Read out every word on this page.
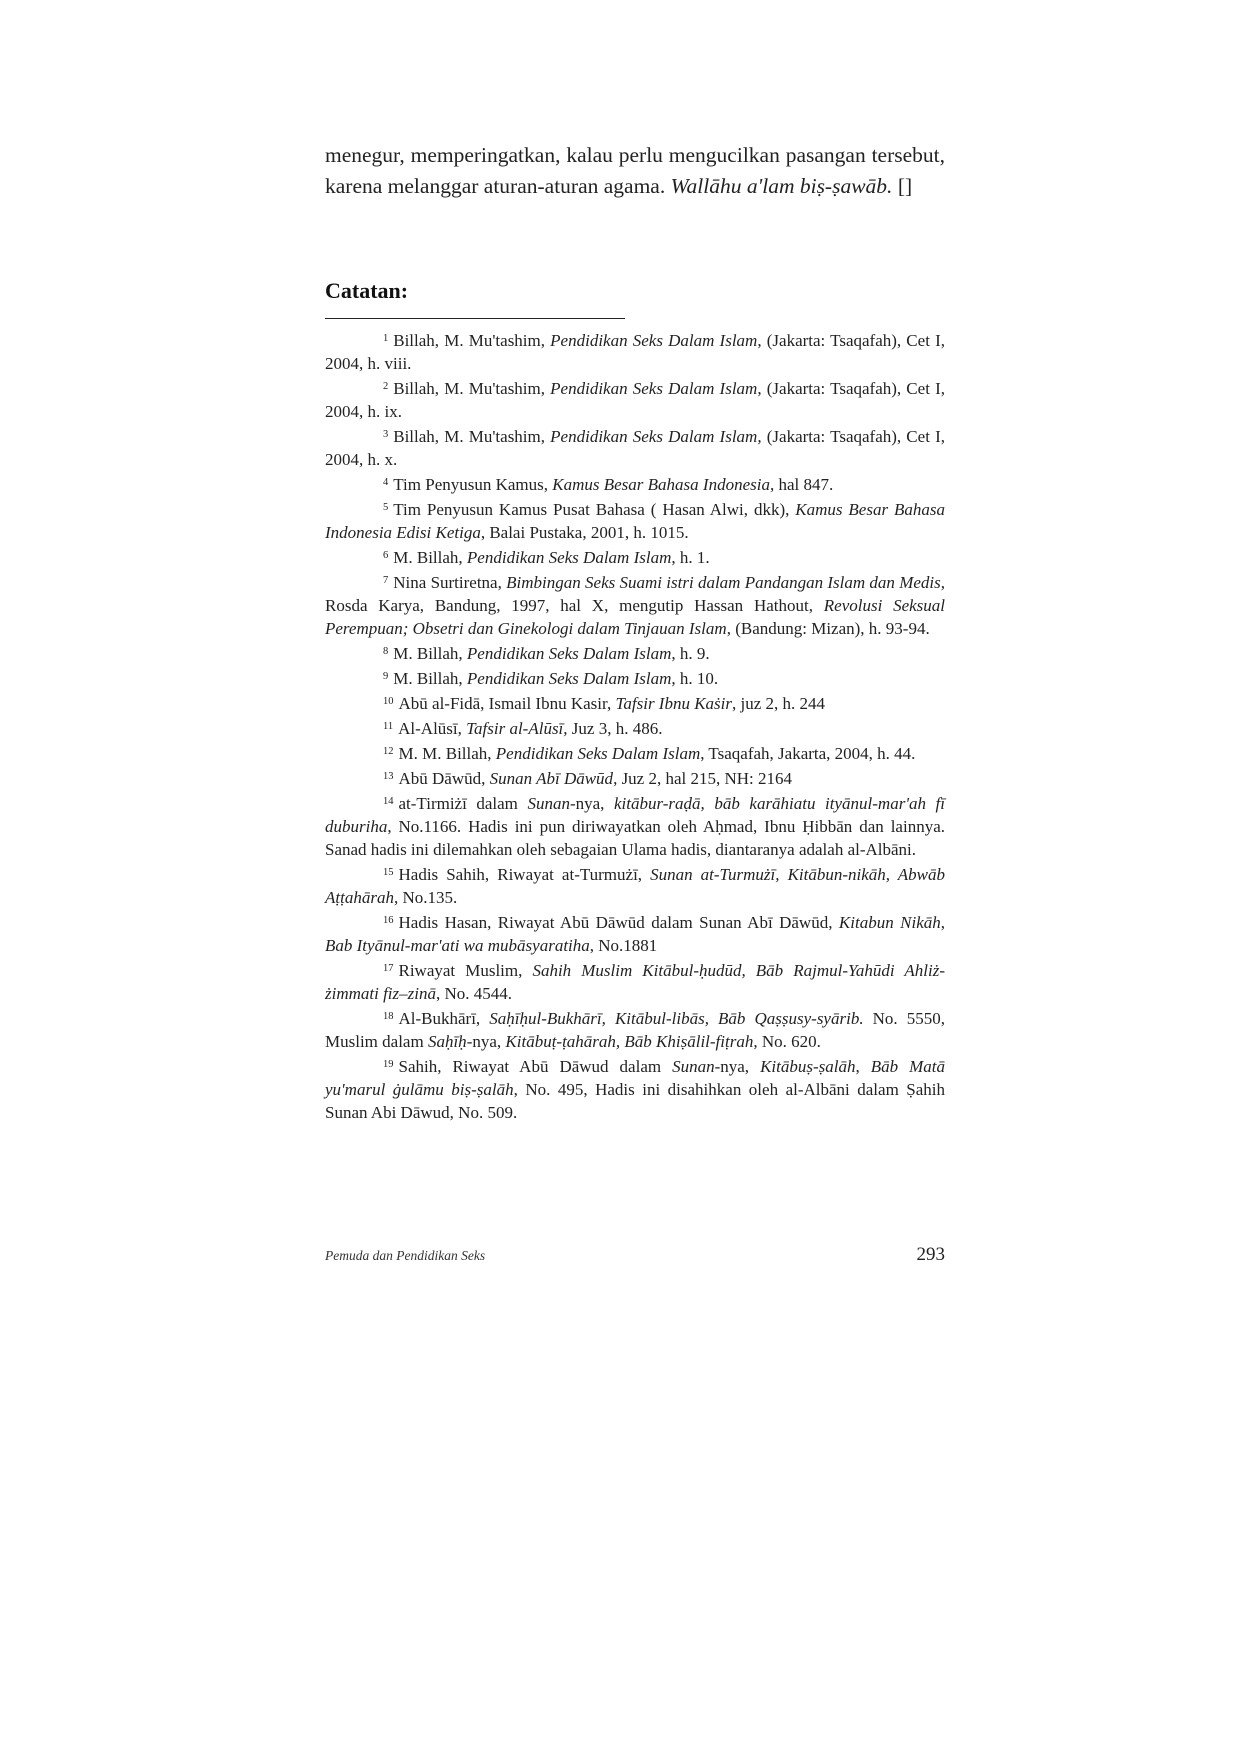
menegur, memperingatkan, kalau perlu mengucilkan pasangan tersebut, karena melanggar aturan-aturan agama. Wallāhu a'lam biṣ-ṣawāb. []

Catatan:

$^1$ Billah, M. Mu'tashim, Pendidikan Seks Dalam Islam, (Jakarta: Tsaqafah), Cet I, 2004, h. viii.

$^2$ Billah, M. Mu'tashim, Pendidikan Seks Dalam Islam, (Jakarta: Tsaqafah), Cet I, 2004, h. ix.

$^3$ Billah, M. Mu'tashim, Pendidikan Seks Dalam Islam, (Jakarta: Tsaqafah), Cet I, 2004, h. x.

$^4$ Tim Penyusun Kamus, Kamus Besar Bahasa Indonesia, hal 847.

$^5$ Tim Penyusun Kamus Pusat Bahasa ( Hasan Alwi, dkk), Kamus Besar Bahasa Indonesia Edisi Ketiga, Balai Pustaka, 2001, h. 1015.

$^6$ M. Billah, Pendidikan Seks Dalam Islam, h. 1.

$^7$ Nina Surtiretna, Bimbingan Seks Suami istri dalam Pandangan Islam dan Medis, Rosda Karya, Bandung, 1997, hal X, mengutip Hassan Hathout, Revolusi Seksual Perempuan; Obsetri dan Ginekologi dalam Tinjauan Islam, (Bandung: Mizan), h. 93-94.

$^8$ M. Billah, Pendidikan Seks Dalam Islam, h. 9.

$^9$ M. Billah, Pendidikan Seks Dalam Islam, h. 10.

$^{10}$ Abū al-Fidā, Ismail Ibnu Kasir, Tafsir Ibnu Kaṡir, juz 2, h. 244

$^{11}$ Al-Alūsī, Tafsir al-Alūsī, Juz 3, h. 486.

$^{12}$ M. M. Billah, Pendidikan Seks Dalam Islam, Tsaqafah, Jakarta, 2004, h. 44.

$^{13}$ Abū Dāwūd, Sunan Abī Dāwūd, Juz 2, hal 215, NH: 2164

$^{14}$ at-Tirmiżī dalam Sunan-nya, kitābur-raḍā, bāb karāhiatu ityānul-mar'ah fī duburiha, No.1166. Hadis ini pun diriwayatkan oleh Aḥmad, Ibnu Ḥibbān dan lainnya. Sanad hadis ini dilemahkan oleh sebagaian Ulama hadis, diantaranya adalah al-Albāni.

$^{15}$ Hadis Sahih, Riwayat at-Turmużī, Sunan at-Turmużī, Kitābun-nikāh, Abwāb Aṭṭahārah, No.135.

$^{16}$ Hadis Hasan, Riwayat Abū Dāwūd dalam Sunan Abī Dāwūd, Kitabun Nikāh, Bab Ityānul-mar'ati wa mubāsyaratiha, No.1881

$^{17}$ Riwayat Muslim, Sahih Muslim Kitābul-ḥudūd, Bāb Rajmul-Yahūdi Ahliż-żimmati fiz–zinā, No. 4544.

$^{18}$ Al-Bukhārī, Saḥīḥul-Bukhārī, Kitābul-libās, Bāb Qaṣṣusy-syārib. No. 5550, Muslim dalam Saḥīḥ-nya, Kitābuṭ-ṭahārah, Bāb Khiṣālil-fiṭrah, No. 620.

$^{19}$ Sahih, Riwayat Abū Dāwud dalam Sunan-nya, Kitābuṣ-ṣalāh, Bāb Matā yu'marul ġulāmu biṣ-ṣalāh, No. 495, Hadis ini disahihkan oleh al-Albāni dalam Ṣahih Sunan Abi Dāwud, No. 509.

Pemuda dan Pendidikan Seks	293
